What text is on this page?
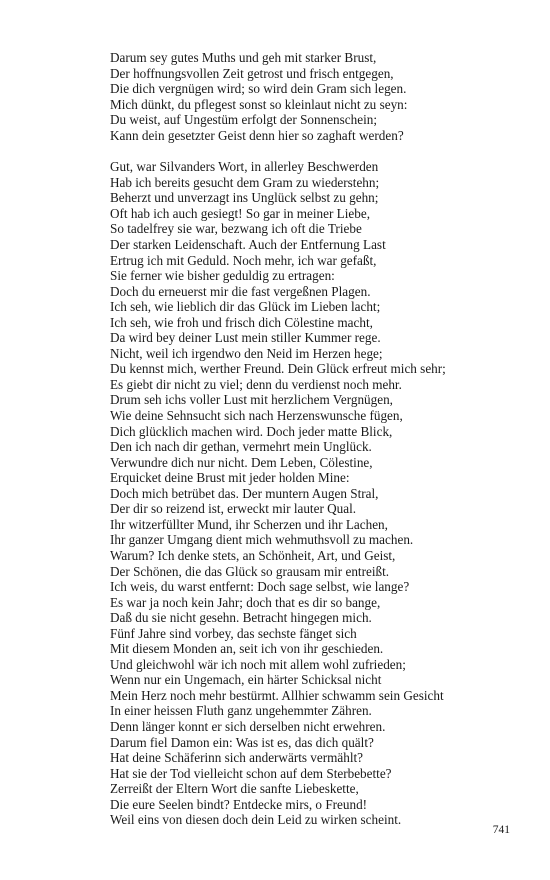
Darum sey gutes Muths und geh mit starker Brust,
Der hoffnungsvollen Zeit getrost und frisch entgegen,
Die dich vergnügen wird; so wird dein Gram sich legen.
Mich dünkt, du pflegest sonst so kleinlaut nicht zu seyn:
Du weist, auf Ungestüm erfolgt der Sonnenschein;
Kann dein gesetzter Geist denn hier so zaghaft werden?
Gut, war Silvanders Wort, in allerley Beschwerden
Hab ich bereits gesucht dem Gram zu wiederstehn;
Beherzt und unverzagt ins Unglück selbst zu gehn;
Oft hab ich auch gesiegt! So gar in meiner Liebe,
So tadelfrey sie war, bezwang ich oft die Triebe
Der starken Leidenschaft. Auch der Entfernung Last
Ertrug ich mit Geduld. Noch mehr, ich war gefaßt,
Sie ferner wie bisher geduldig zu ertragen:
Doch du erneuerst mir die fast vergeßnen Plagen.
Ich seh, wie lieblich dir das Glück im Lieben lacht;
Ich seh, wie froh und frisch dich Cölestine macht,
Da wird bey deiner Lust mein stiller Kummer rege.
Nicht, weil ich irgendwo den Neid im Herzen hege;
Du kennst mich, werther Freund. Dein Glück erfreut mich sehr;
Es giebt dir nicht zu viel; denn du verdienst noch mehr.
Drum seh ichs voller Lust mit herzlichem Vergnügen,
Wie deine Sehnsucht sich nach Herzenswunsche fügen,
Dich glücklich machen wird. Doch jeder matte Blick,
Den ich nach dir gethan, vermehrt mein Unglück.
Verwundre dich nur nicht. Dem Leben, Cölestine,
Erquicket deine Brust mit jeder holden Mine:
Doch mich betrübet das. Der muntern Augen Stral,
Der dir so reizend ist, erweckt mir lauter Qual.
Ihr witzerfüllter Mund, ihr Scherzen und ihr Lachen,
Ihr ganzer Umgang dient mich wehmuthsvoll zu machen.
Warum? Ich denke stets, an Schönheit, Art, und Geist,
Der Schönen, die das Glück so grausam mir entreißt.
Ich weis, du warst entfernt: Doch sage selbst, wie lange?
Es war ja noch kein Jahr; doch that es dir so bange,
Daß du sie nicht gesehn. Betracht hingegen mich.
Fünf Jahre sind vorbey, das sechste fänget sich
Mit diesem Monden an, seit ich von ihr geschieden.
Und gleichwohl wär ich noch mit allem wohl zufrieden;
Wenn nur ein Ungemach, ein härter Schicksal nicht
Mein Herz noch mehr bestürmt. Allhier schwamm sein Gesicht
In einer heissen Fluth ganz ungehemmter Zähren.
Denn länger konnt er sich derselben nicht erwehren.
Darum fiel Damon ein: Was ist es, das dich quält?
Hat deine Schäferinn sich anderwärts vermählt?
Hat sie der Tod vielleicht schon auf dem Sterbebette?
Zerreißt der Eltern Wort die sanfte Liebeskette,
Die eure Seelen bindt? Entdecke mirs, o Freund!
Weil eins von diesen doch dein Leid zu wirken scheint.
741
